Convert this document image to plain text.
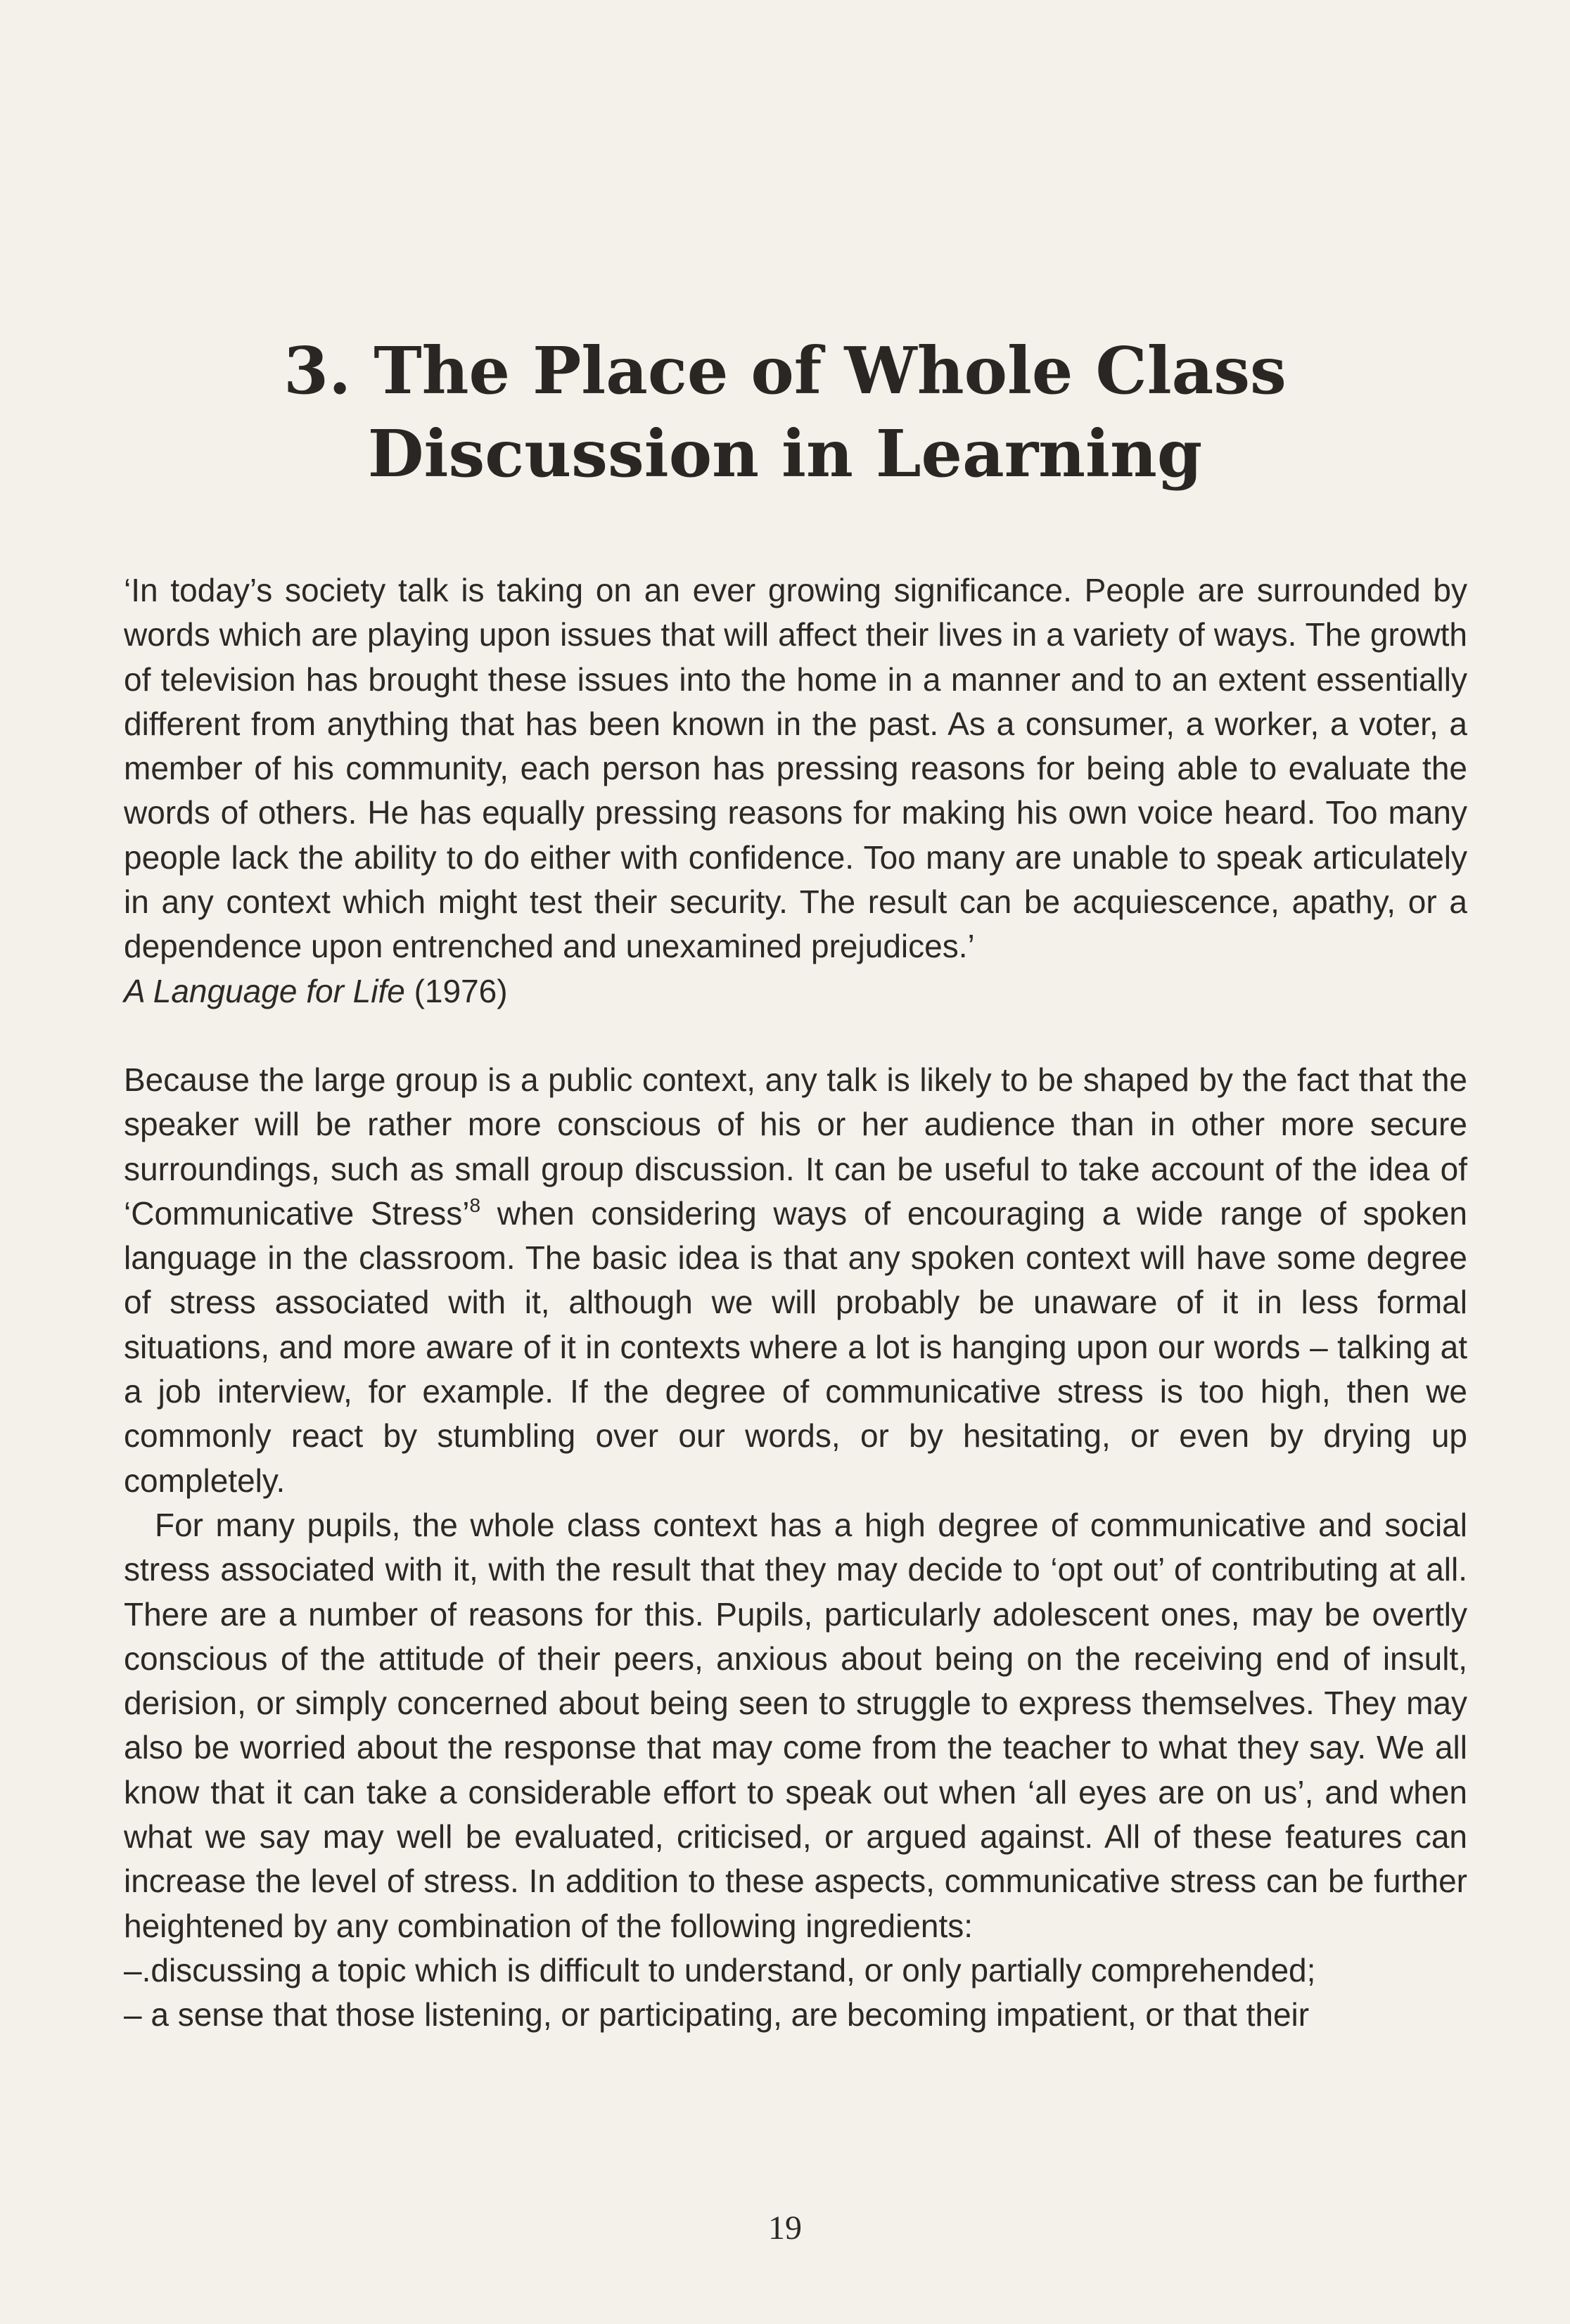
3. The Place of Whole Class
Discussion in Learning

‘In today’s society talk is taking on an ever growing significance. People are surrounded by words which are playing upon issues that will affect their lives in a variety of ways. The growth of television has brought these issues into the home in a manner and to an extent essentially different from anything that has been known in the past. As a consumer, a worker, a voter, a member of his community, each person has pressing reasons for being able to evaluate the words of others. He has equally pressing reasons for making his own voice heard. Too many people lack the ability to do either with confidence. Too many are unable to speak articulately in any context which might test their security. The result can be acquiescence, apathy, or a dependence upon entrenched and unexamined prejudices.’

A Language for Life (1976)

Because the large group is a public context, any talk is likely to be shaped by the fact that the speaker will be rather more conscious of his or her audience than in other more secure surroundings, such as small group discussion. It can be useful to take account of the idea of ‘Communicative Stress’$^8$ when considering ways of encouraging a wide range of spoken language in the classroom. The basic idea is that any spoken context will have some degree of stress associated with it, although we will probably be unaware of it in less formal situations, and more aware of it in contexts where a lot is hanging upon our words – talking at a job interview, for example. If the degree of communicative stress is too high, then we commonly react by stumbling over our words, or by hesitating, or even by drying up completely.

For many pupils, the whole class context has a high degree of communicative and social stress associated with it, with the result that they may decide to ‘opt out’ of contributing at all. There are a number of reasons for this. Pupils, particularly adolescent ones, may be overtly conscious of the attitude of their peers, anxious about being on the receiving end of insult, derision, or simply concerned about being seen to struggle to express themselves. They may also be worried about the response that may come from the teacher to what they say. We all know that it can take a considerable effort to speak out when ‘all eyes are on us’, and when what we say may well be evaluated, criticised, or argued against. All of these features can increase the level of stress. In addition to these aspects, communicative stress can be further heightened by any combination of the following ingredients:

–.discussing a topic which is difficult to understand, or only partially comprehended;

– a sense that those listening, or participating, are becoming impatient, or that their

19
